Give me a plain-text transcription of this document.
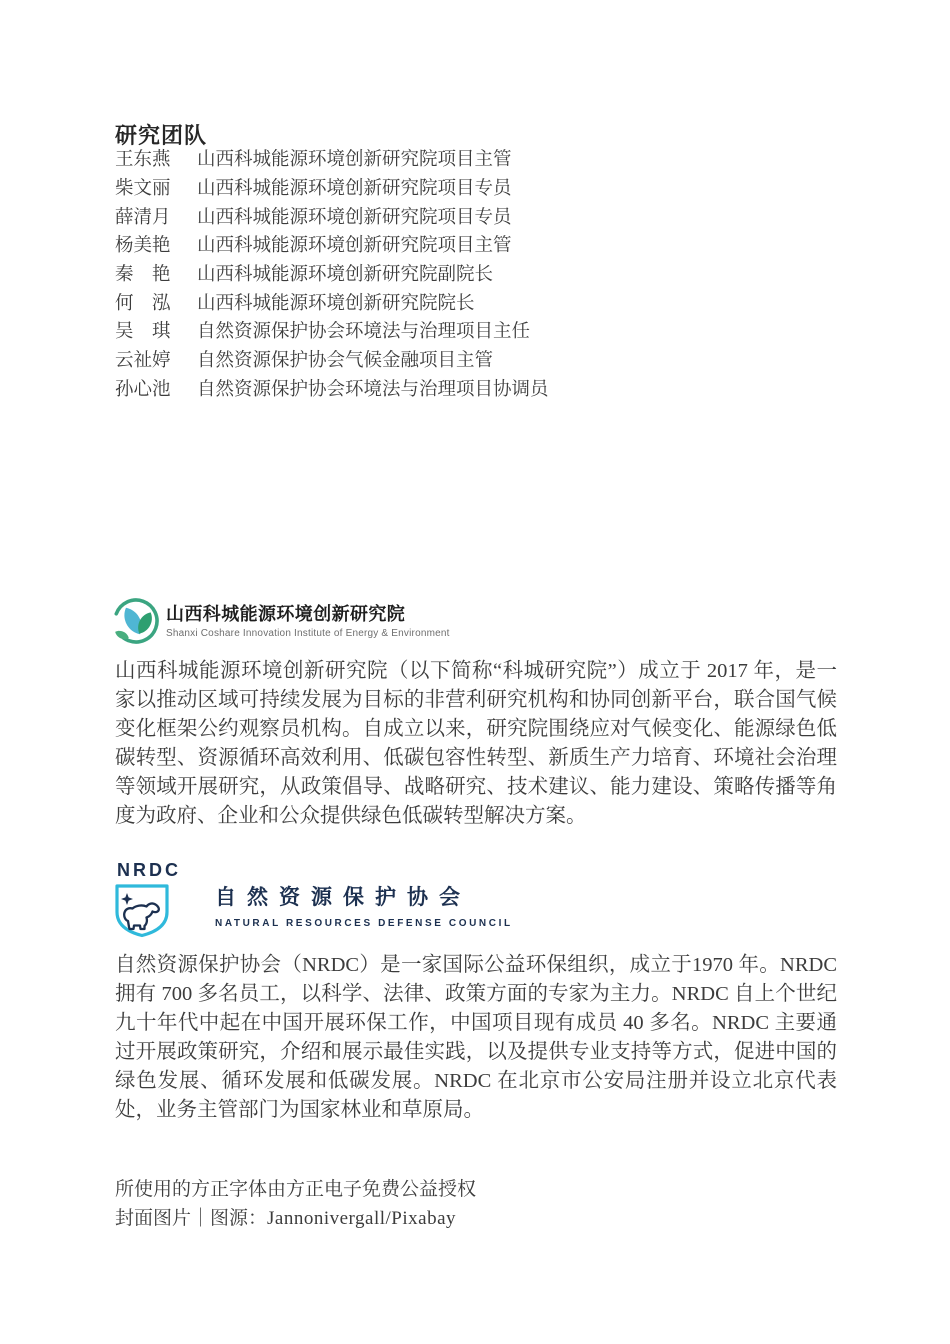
研究团队
王东燕	山西科城能源环境创新研究院项目主管
柴文丽	山西科城能源环境创新研究院项目专员
薛清月	山西科城能源环境创新研究院项目专员
杨美艳	山西科城能源环境创新研究院项目主管
秦　艳	山西科城能源环境创新研究院副院长
何　泓	山西科城能源环境创新研究院院长
吴　琪	自然资源保护协会环境法与治理项目主任
云祉婷	自然资源保护协会气候金融项目主管
孙心池	自然资源保护协会环境法与治理项目协调员
山西科城能源环境创新研究院
Shanxi Coshare Innovation Institute of Energy & Environment

山西科城能源环境创新研究院（以下简称“科城研究院”）成立于 2017 年，是一家以推动区域可持续发展为目标的非营利研究机构和协同创新平台，联合国气候变化框架公约观察员机构。自成立以来，研究院围绕应对气候变化、能源绿色低碳转型、资源循环高效利用、低碳包容性转型、新质生产力培育、环境社会治理等领域开展研究，从政策倡导、战略研究、技术建议、能力建设、策略传播等角度为政府、企业和公众提供绿色低碳转型解决方案。

NRDC
自然资源保护协会
NATURAL RESOURCES DEFENSE COUNCIL

自然资源保护协会（NRDC）是一家国际公益环保组织，成立于1970 年。NRDC 拥有 700 多名员工，以科学、法律、政策方面的专家为主力。NRDC 自上个世纪九十年代中起在中国开展环保工作，中国项目现有成员 40 多名。NRDC 主要通过开展政策研究，介绍和展示最佳实践，以及提供专业支持等方式，促进中国的绿色发展、循环发展和低碳发展。NRDC 在北京市公安局注册并设立北京代表处，业务主管部门为国家林业和草原局。

所使用的方正字体由方正电子免费公益授权
封面图片｜图源：Jannonivergall/Pixabay
